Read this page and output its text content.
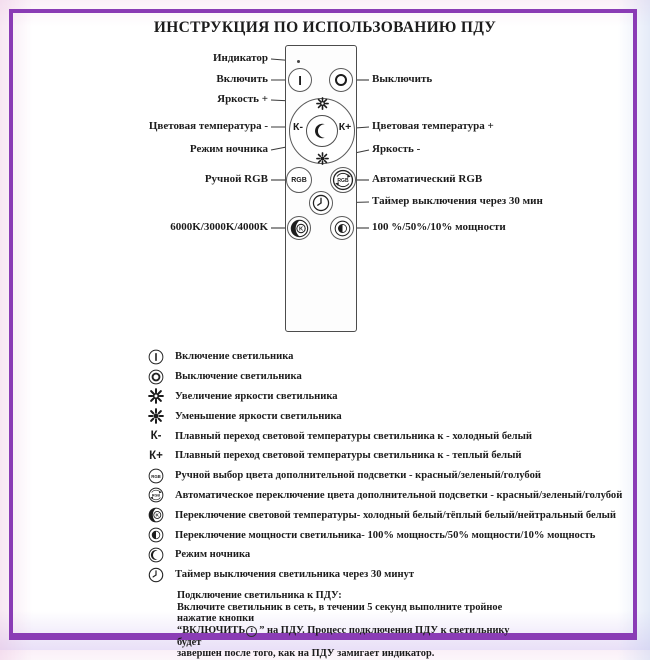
ИНСТРУКЦИЯ ПО ИСПОЛЬЗОВАНИЮ ПДУ
I
К-	К+
RGB	RGB
K
Индикатор
Включить
Яркость +
Цветовая температура -
Режим ночника
Ручной RGB
6000K/3000K/4000K
Выключить
Цветовая температура +
Яркость -
Автоматический RGB
Таймер выключения через 30 мин
100 %/50%/10% мощности
Включение светильника
Выключение светильника
Увеличение яркости светильника
Уменьшение яркости светильника
К- Плавный переход световой температуры светильника к - холодный белый
К+ Плавный переход световой температуры светильника к - теплый белый
RGB Ручной выбор цвета дополнительной подсветки - красный/зеленый/голубой
RGB Автоматическое переключение цвета дополнительной подсветки - красный/зеленый/голубой
K Переключение световой температуры- холодный белый/тёплый белый/нейтральный белый
Переключение мощности светильника- 100% мощность/50% мощности/10% мощность
Режим ночника
Таймер выключения светильника через 30 минут
Подключение светильника к ПДУ:
Включите светильник в сеть, в течении 5 секунд выполните тройное нажатие кнопки
“ВКЛЮЧИТЬ I ” на ПДУ. Процесс подключения ПДУ к светильнику будет
завершен после того, как на ПДУ замигает индикатор.
